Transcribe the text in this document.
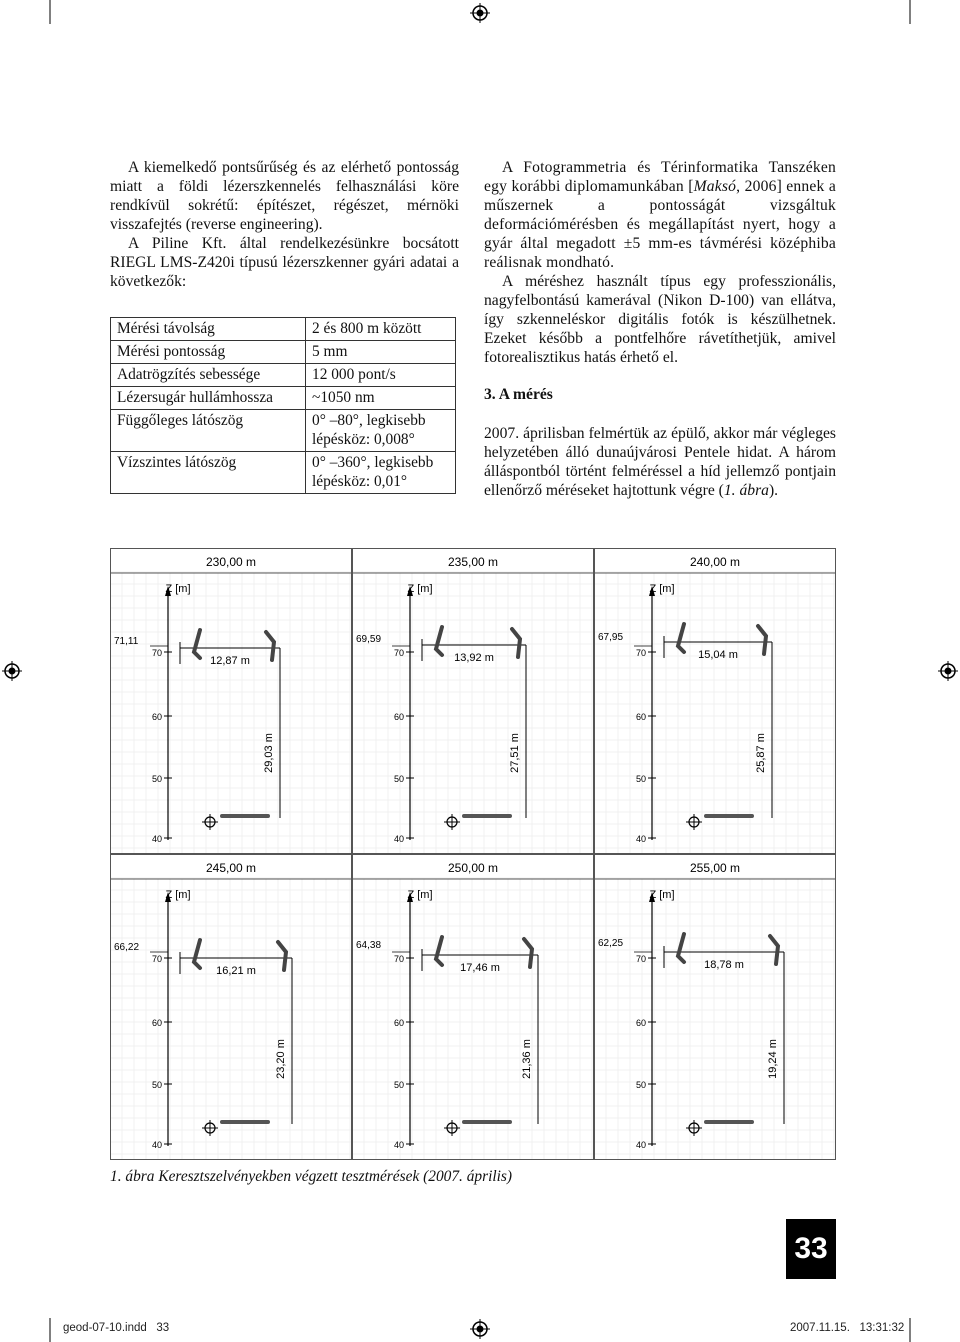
A kiemelkedő pontsűrűség és az elérhető pontosság miatt a földi lézerszkennelés felhasználási köre rendkívül sokrétű: építészet, régészet, mérnöki visszafejtés (reverse engineering).

A Piline Kft. által rendelkezésünkre bocsátott RIEGL LMS-Z420i típusú lézerszkenner gyári adatai a következők:

Mérési távolság	2 és 800 m között
Mérési pontosság	5 mm
Adatrögzítés sebessége	12 000 pont/s
Lézersugár hullámhossza	~1050 nm
Függőleges látószög	0° –80°, legkisebb lépésköz: 0,008°
Vízszintes látószög	0° –360°, legkisebb lépésköz: 0,01°

A Fotogrammetria és Térinformatika Tanszéken egy korábbi diplomamunkában [Maksó, 2006] ennek a műszernek a pontosságát vizsgáltuk deformációmérésben és megállapítást nyert, hogy a gyár által megadott ±5 mm-es távmérési középhiba reálisnak mondható.

A méréshez használt típus egy professzionális, nagyfelbontású kamerával (Nikon D-100) van ellátva, így szkenneléskor digitális fotók is készülhetnek. Ezeket később a pontfelhőre rávetíthetjük, amivel fotorealisztikus hatás érhető el.

3. A mérés

2007. áprilisban felmértük az épülő, akkor már végleges helyzetében álló dunaújvárosi Pentele hidat. A három álláspontból történt felméréssel a híd jellemző pontjain ellenőrző méréseket hajtottunk végre (1. ábra).

230,00 m
Z [m]
70
60
50
40
71,11
12,87 m
29,03 m
235,00 m
Z [m]
70
60
50
40
69,59
13,92 m
27,51 m
240,00 m
Z [m]
70
60
50
40
67,95
15,04 m
25,87 m
245,00 m
Z [m]
70
60
50
40
66,22
16,21 m
23,20 m
250,00 m
Z [m]
70
60
50
40
64,38
17,46 m
21,36 m
255,00 m
Z [m]
70
60
50
40
62,25
18,78 m
19,24 m
1. ábra Keresztszelvényekben végzett tesztmérések (2007. április)
33
geod-07-10.indd   33	2007.11.15.   13:31:32
